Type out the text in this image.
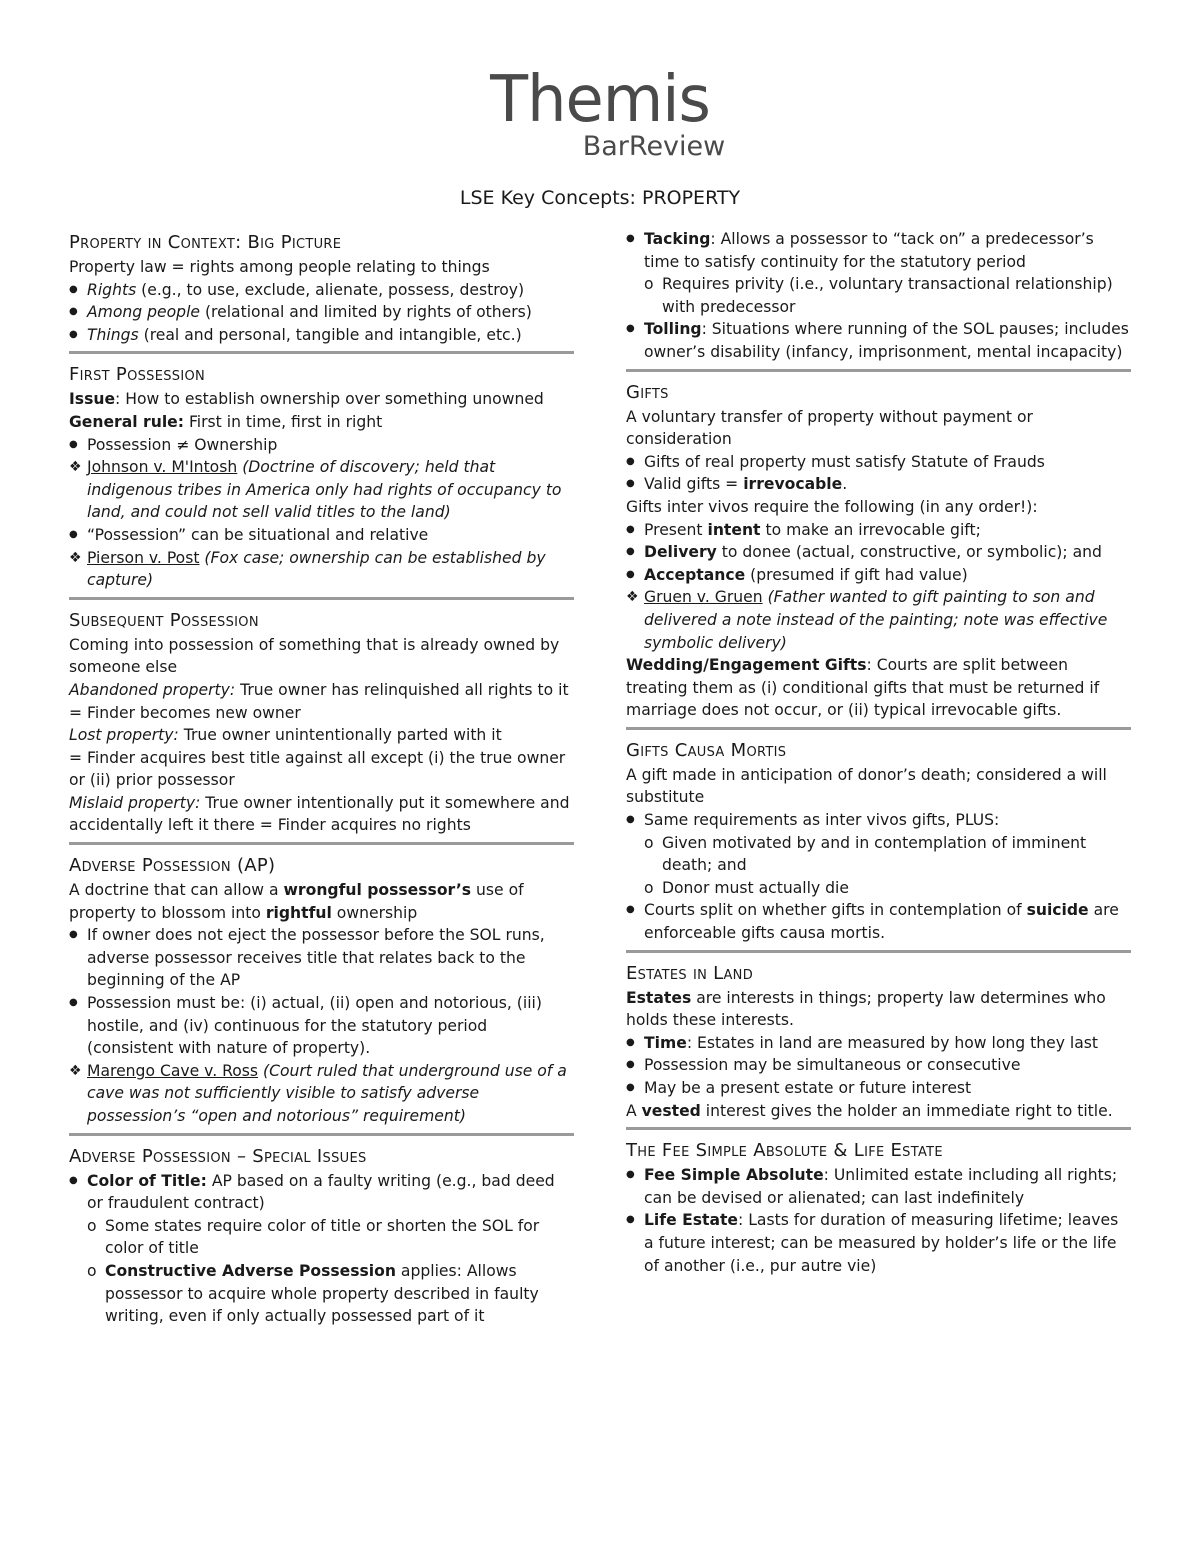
Themis
BarReview
LSE Key Concepts: PROPERTY
Property in Context: Big Picture
Property law = rights among people relating to things
● Rights (e.g., to use, exclude, alienate, possess, destroy)
● Among people (relational and limited by rights of others)
● Things (real and personal, tangible and intangible, etc.)
First Possession
Issue: How to establish ownership over something unowned
General rule: First in time, first in right
● Possession ≠ Ownership
❖ Johnson v. M'Intosh (Doctrine of discovery; held that indigenous tribes in America only had rights of occupancy to land, and could not sell valid titles to the land)
● “Possession” can be situational and relative
❖ Pierson v. Post (Fox case; ownership can be established by capture)
Subsequent Possession
Coming into possession of something that is already owned by someone else
Abandoned property: True owner has relinquished all rights to it = Finder becomes new owner
Lost property: True owner unintentionally parted with it
= Finder acquires best title against all except (i) the true owner or (ii) prior possessor
Mislaid property: True owner intentionally put it somewhere and accidentally left it there = Finder acquires no rights
Adverse Possession (AP)
A doctrine that can allow a wrongful possessor’s use of property to blossom into rightful ownership
● If owner does not eject the possessor before the SOL runs, adverse possessor receives title that relates back to the beginning of the AP
● Possession must be: (i) actual, (ii) open and notorious, (iii) hostile, and (iv) continuous for the statutory period (consistent with nature of property).
❖ Marengo Cave v. Ross (Court ruled that underground use of a cave was not sufficiently visible to satisfy adverse possession’s “open and notorious” requirement)
Adverse Possession – Special Issues
● Color of Title: AP based on a faulty writing (e.g., bad deed or fraudulent contract)
o Some states require color of title or shorten the SOL for color of title
o Constructive Adverse Possession applies: Allows possessor to acquire whole property described in faulty writing, even if only actually possessed part of it
● Tacking: Allows a possessor to “tack on” a predecessor’s time to satisfy continuity for the statutory period
o Requires privity (i.e., voluntary transactional relationship) with predecessor
● Tolling: Situations where running of the SOL pauses; includes owner’s disability (infancy, imprisonment, mental incapacity)
Gifts
A voluntary transfer of property without payment or consideration
● Gifts of real property must satisfy Statute of Frauds
● Valid gifts = irrevocable.
Gifts inter vivos require the following (in any order!):
● Present intent to make an irrevocable gift;
● Delivery to donee (actual, constructive, or symbolic); and
● Acceptance (presumed if gift had value)
❖ Gruen v. Gruen (Father wanted to gift painting to son and delivered a note instead of the painting; note was effective symbolic delivery)
Wedding/Engagement Gifts: Courts are split between treating them as (i) conditional gifts that must be returned if marriage does not occur, or (ii) typical irrevocable gifts.
Gifts Causa Mortis
A gift made in anticipation of donor’s death; considered a will substitute
● Same requirements as inter vivos gifts, PLUS:
o Given motivated by and in contemplation of imminent death; and
o Donor must actually die
● Courts split on whether gifts in contemplation of suicide are enforceable gifts causa mortis.
Estates in Land
Estates are interests in things; property law determines who holds these interests.
● Time: Estates in land are measured by how long they last
● Possession may be simultaneous or consecutive
● May be a present estate or future interest
A vested interest gives the holder an immediate right to title.
The Fee Simple Absolute & Life Estate
● Fee Simple Absolute: Unlimited estate including all rights; can be devised or alienated; can last indefinitely
● Life Estate: Lasts for duration of measuring lifetime; leaves a future interest; can be measured by holder’s life or the life of another (i.e., pur autre vie)
